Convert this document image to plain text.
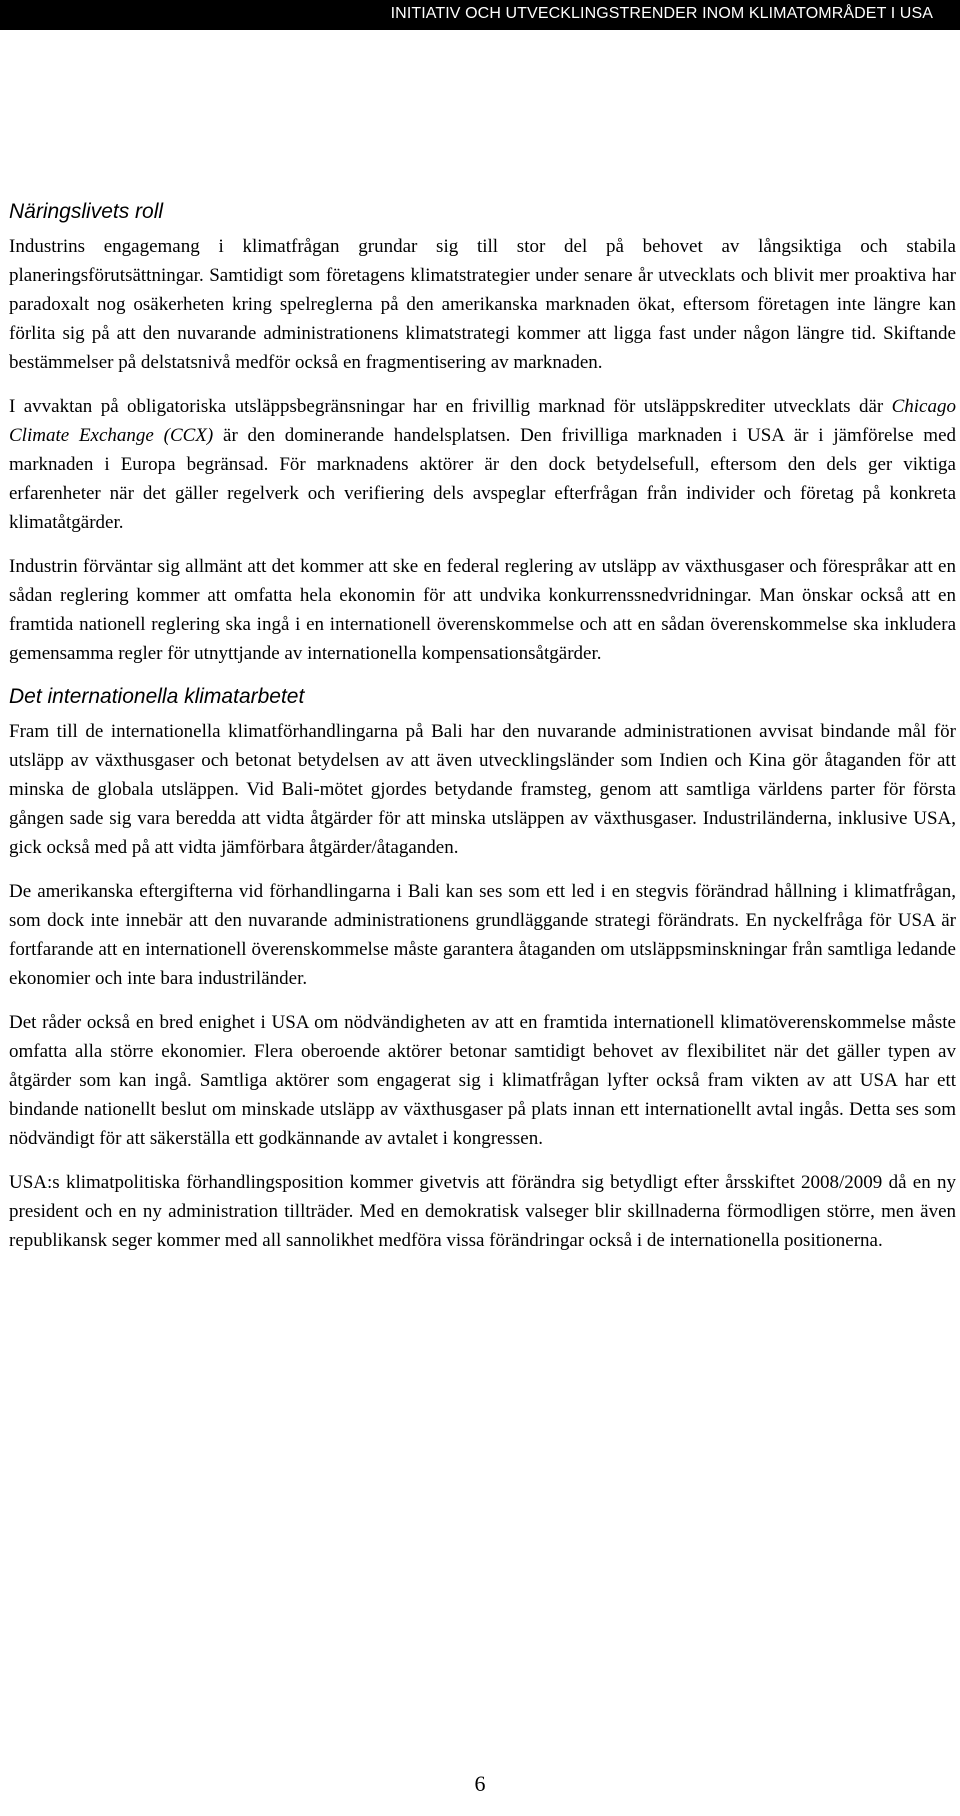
INITIATIV OCH UTVECKLINGSTRENDER INOM KLIMATOMRÅDET I USA
Näringslivets roll

Industrins engagemang i klimatfrågan grundar sig till stor del på behovet av långsiktiga och stabila planeringsförutsättningar. Samtidigt som företagens klimatstrategier under senare år utvecklats och blivit mer proaktiva har paradoxalt nog osäkerheten kring spelreglerna på den amerikanska marknaden ökat, eftersom företagen inte längre kan förlita sig på att den nuvarande administrationens klimatstrategi kommer att ligga fast under någon längre tid. Skiftande bestämmelser på delstatsnivå medför också en fragmentisering av marknaden.

I avvaktan på obligatoriska utsläppsbegränsningar har en frivillig marknad för utsläppskrediter utvecklats där Chicago Climate Exchange (CCX) är den dominerande handelsplatsen. Den frivilliga marknaden i USA är i jämförelse med marknaden i Europa begränsad. För marknadens aktörer är den dock betydelsefull, eftersom den dels ger viktiga erfarenheter när det gäller regelverk och verifiering dels avspeglar efterfrågan från individer och företag på konkreta klimatåtgärder.

Industrin förväntar sig allmänt att det kommer att ske en federal reglering av utsläpp av växthusgaser och förespråkar att en sådan reglering kommer att omfatta hela ekonomin för att undvika konkurrenssnedvridningar. Man önskar också att en framtida nationell reglering ska ingå i en internationell överenskommelse och att en sådan överenskommelse ska inkludera gemensamma regler för utnyttjande av internationella kompensationsåtgärder.

Det internationella klimatarbetet

Fram till de internationella klimatförhandlingarna på Bali har den nuvarande administrationen avvisat bindande mål för utsläpp av växthusgaser och betonat betydelsen av att även utvecklingsländer som Indien och Kina gör åtaganden för att minska de globala utsläppen. Vid Bali-mötet gjordes betydande framsteg, genom att samtliga världens parter för första gången sade sig vara beredda att vidta åtgärder för att minska utsläppen av växthusgaser. Industriländerna, inklusive USA, gick också med på att vidta jämförbara åtgärder/åtaganden.

De amerikanska eftergifterna vid förhandlingarna i Bali kan ses som ett led i en stegvis förändrad hållning i klimatfrågan, som dock inte innebär att den nuvarande administrationens grundläggande strategi förändrats. En nyckelfråga för USA är fortfarande att en internationell överenskommelse måste garantera åtaganden om utsläppsminskningar från samtliga ledande ekonomier och inte bara industriländer.

Det råder också en bred enighet i USA om nödvändigheten av att en framtida internationell klimatöverenskommelse måste omfatta alla större ekonomier. Flera oberoende aktörer betonar samtidigt behovet av flexibilitet när det gäller typen av åtgärder som kan ingå. Samtliga aktörer som engagerat sig i klimatfrågan lyfter också fram vikten av att USA har ett bindande nationellt beslut om minskade utsläpp av växthusgaser på plats innan ett internationellt avtal ingås. Detta ses som nödvändigt för att säkerställa ett godkännande av avtalet i kongressen.

USA:s klimatpolitiska förhandlingsposition kommer givetvis att förändra sig betydligt efter årsskiftet 2008/2009 då en ny president och en ny administration tillträder. Med en demokratisk valseger blir skillnaderna förmodligen större, men även republikansk seger kommer med all sannolikhet medföra vissa förändringar också i de internationella positionerna.

6
